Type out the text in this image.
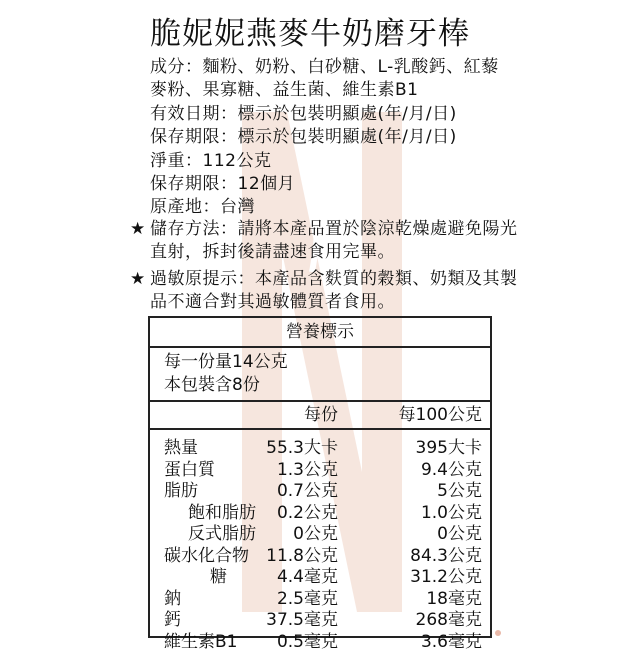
脆妮妮燕麥牛奶磨牙棒
成分：麵粉、奶粉、白砂糖、L-乳酸鈣、紅藜
麥粉、果寡糖、益生菌、維生素B1
有效日期：標示於包裝明顯處(年/月/日)
保存期限：標示於包裝明顯處(年/月/日)
淨重：112公克
保存期限：12個月
原產地：台灣
★ 儲存方法：請將本產品置於陰涼乾燥處避免陽光直射，拆封後請盡速食用完畢。
★ 過敏原提示：本產品含麩質的穀類、奶類及其製品不適合對其過敏體質者食用。
營養標示
每一份量14公克
本包裝含8份
每份	每100公克
熱量	55.3大卡	395大卡
蛋白質	1.3公克	9.4公克
脂肪	0.7公克	5公克
飽和脂肪 0.2公克	1.0公克
反式脂肪 0公克	0公克
碳水化合物 11.8公克	84.3公克
糖	4.4毫克	31.2公克
鈉	2.5毫克	18毫克
鈣	37.5毫克	268毫克
維生素B1 0.5毫克	3.6毫克
